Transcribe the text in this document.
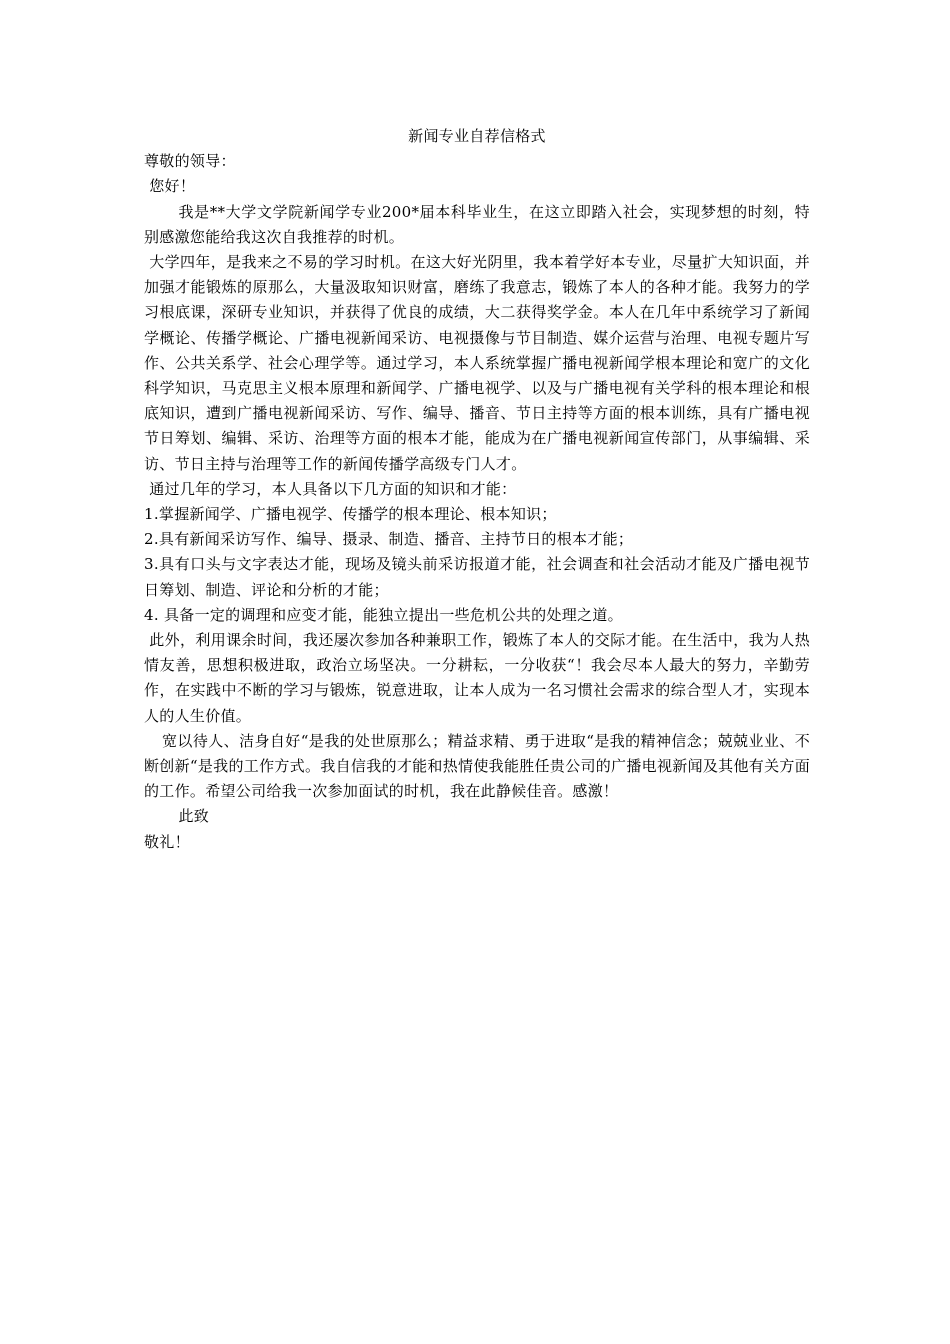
新闻专业自荐信格式

尊敬的领导：

您好！

我是**大学文学院新闻学专业200*届本科毕业生，在这立即踏入社会，实现梦想的时刻，特别感激您能给我这次自我推荐的时机。

大学四年，是我来之不易的学习时机。在这大好光阴里，我本着学好本专业，尽量扩大知识面，并加强才能锻炼的原那么，大量汲取知识财富，磨练了我意志，锻炼了本人的各种才能。我努力的学习根底课，深研专业知识，并获得了优良的成绩，大二获得奖学金。本人在几年中系统学习了新闻学概论、传播学概论、广播电视新闻采访、电视摄像与节目制造、媒介运营与治理、电视专题片写作、公共关系学、社会心理学等。通过学习，本人系统掌握广播电视新闻学根本理论和宽广的文化科学知识，马克思主义根本原理和新闻学、广播电视学、以及与广播电视有关学科的根本理论和根底知识，遭到广播电视新闻采访、写作、编导、播音、节日主持等方面的根本训练，具有广播电视节日筹划、编辑、采访、治理等方面的根本才能，能成为在广播电视新闻宣传部门，从事编辑、采访、节日主持与治理等工作的新闻传播学高级专门人才。

通过几年的学习，本人具备以下几方面的知识和才能：

1.掌握新闻学、广播电视学、传播学的根本理论、根本知识；

2.具有新闻采访写作、编导、摄录、制造、播音、主持节日的根本才能；

3.具有口头与文字表达才能，现场及镜头前采访报道才能，社会调查和社会活动才能及广播电视节日筹划、制造、评论和分析的才能；

4. 具备一定的调理和应变才能，能独立提出一些危机公共的处理之道。

此外，利用课余时间，我还屡次参加各种兼职工作，锻炼了本人的交际才能。在生活中，我为人热情友善，思想积极进取，政治立场坚决。一分耕耘，一分收获“！我会尽本人最大的努力，辛勤劳作，在实践中不断的学习与锻炼，锐意进取，让本人成为一名习惯社会需求的综合型人才，实现本人的人生价值。

宽以待人、洁身自好“是我的处世原那么；精益求精、勇于进取“是我的精神信念；兢兢业业、不断创新“是我的工作方式。我自信我的才能和热情使我能胜任贵公司的广播电视新闻及其他有关方面的工作。希望公司给我一次参加面试的时机，我在此静候佳音。感激！

此致

敬礼！
